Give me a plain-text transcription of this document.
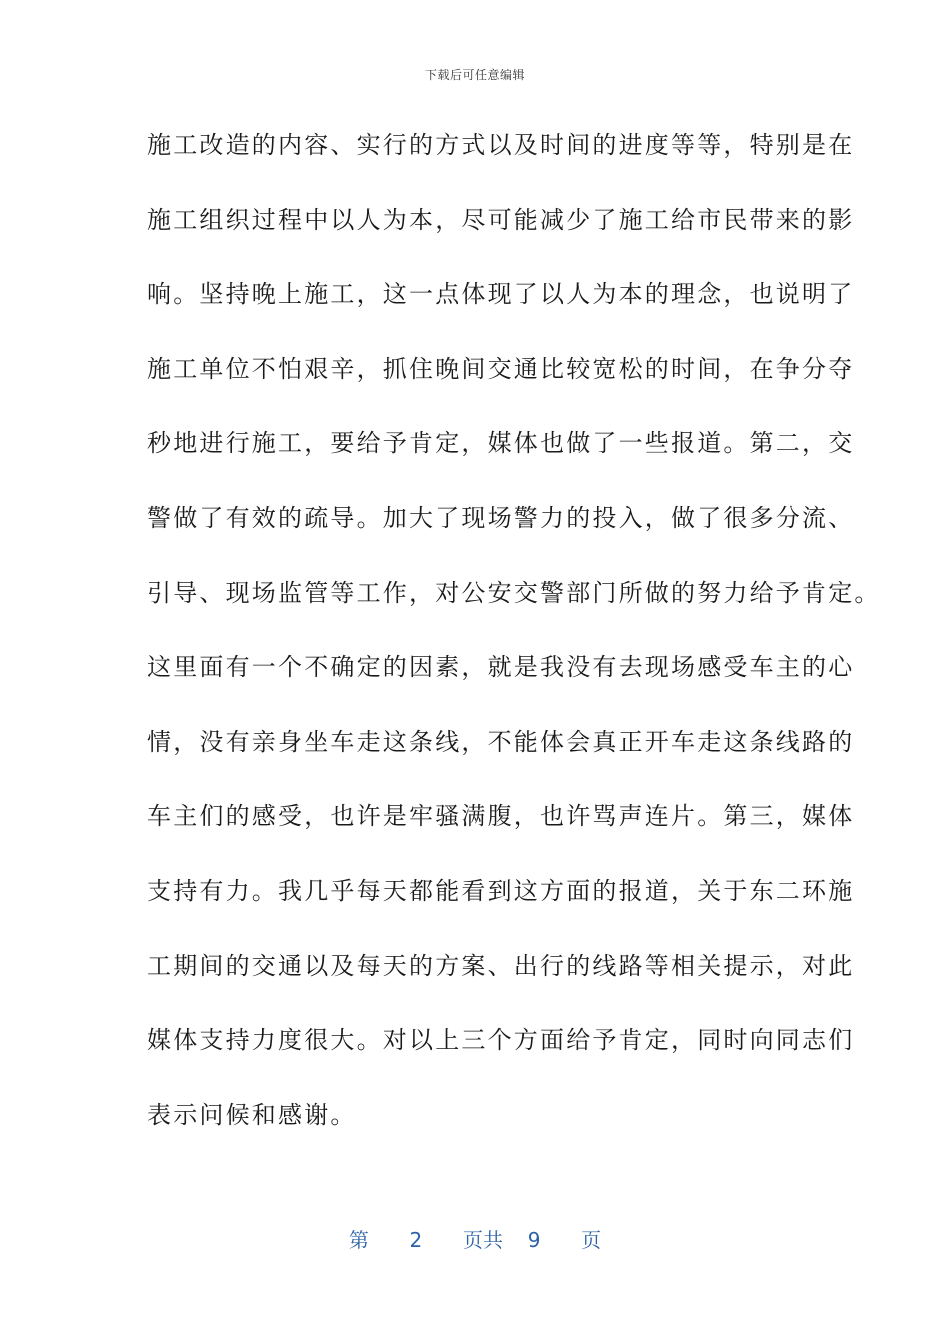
下载后可任意编辑
施工改造的内容、实行的方式以及时间的进度等等，特别是在
施工组织过程中以人为本，尽可能减少了施工给市民带来的影
响。坚持晚上施工，这一点体现了以人为本的理念，也说明了
施工单位不怕艰辛，抓住晚间交通比较宽松的时间，在争分夺
秒地进行施工，要给予肯定，媒体也做了一些报道。第二，交
警做了有效的疏导。加大了现场警力的投入，做了很多分流、
引导、现场监管等工作，对公安交警部门所做的努力给予肯定。
这里面有一个不确定的因素，就是我没有去现场感受车主的心
情，没有亲身坐车走这条线，不能体会真正开车走这条线路的
车主们的感受，也许是牢骚满腹，也许骂声连片。第三，媒体
支持有力。我几乎每天都能看到这方面的报道，关于东二环施
工期间的交通以及每天的方案、出行的线路等相关提示，对此
媒体支持力度很大。对以上三个方面给予肯定，同时向同志们
表示问候和感谢。
第 2 页共 9 页
